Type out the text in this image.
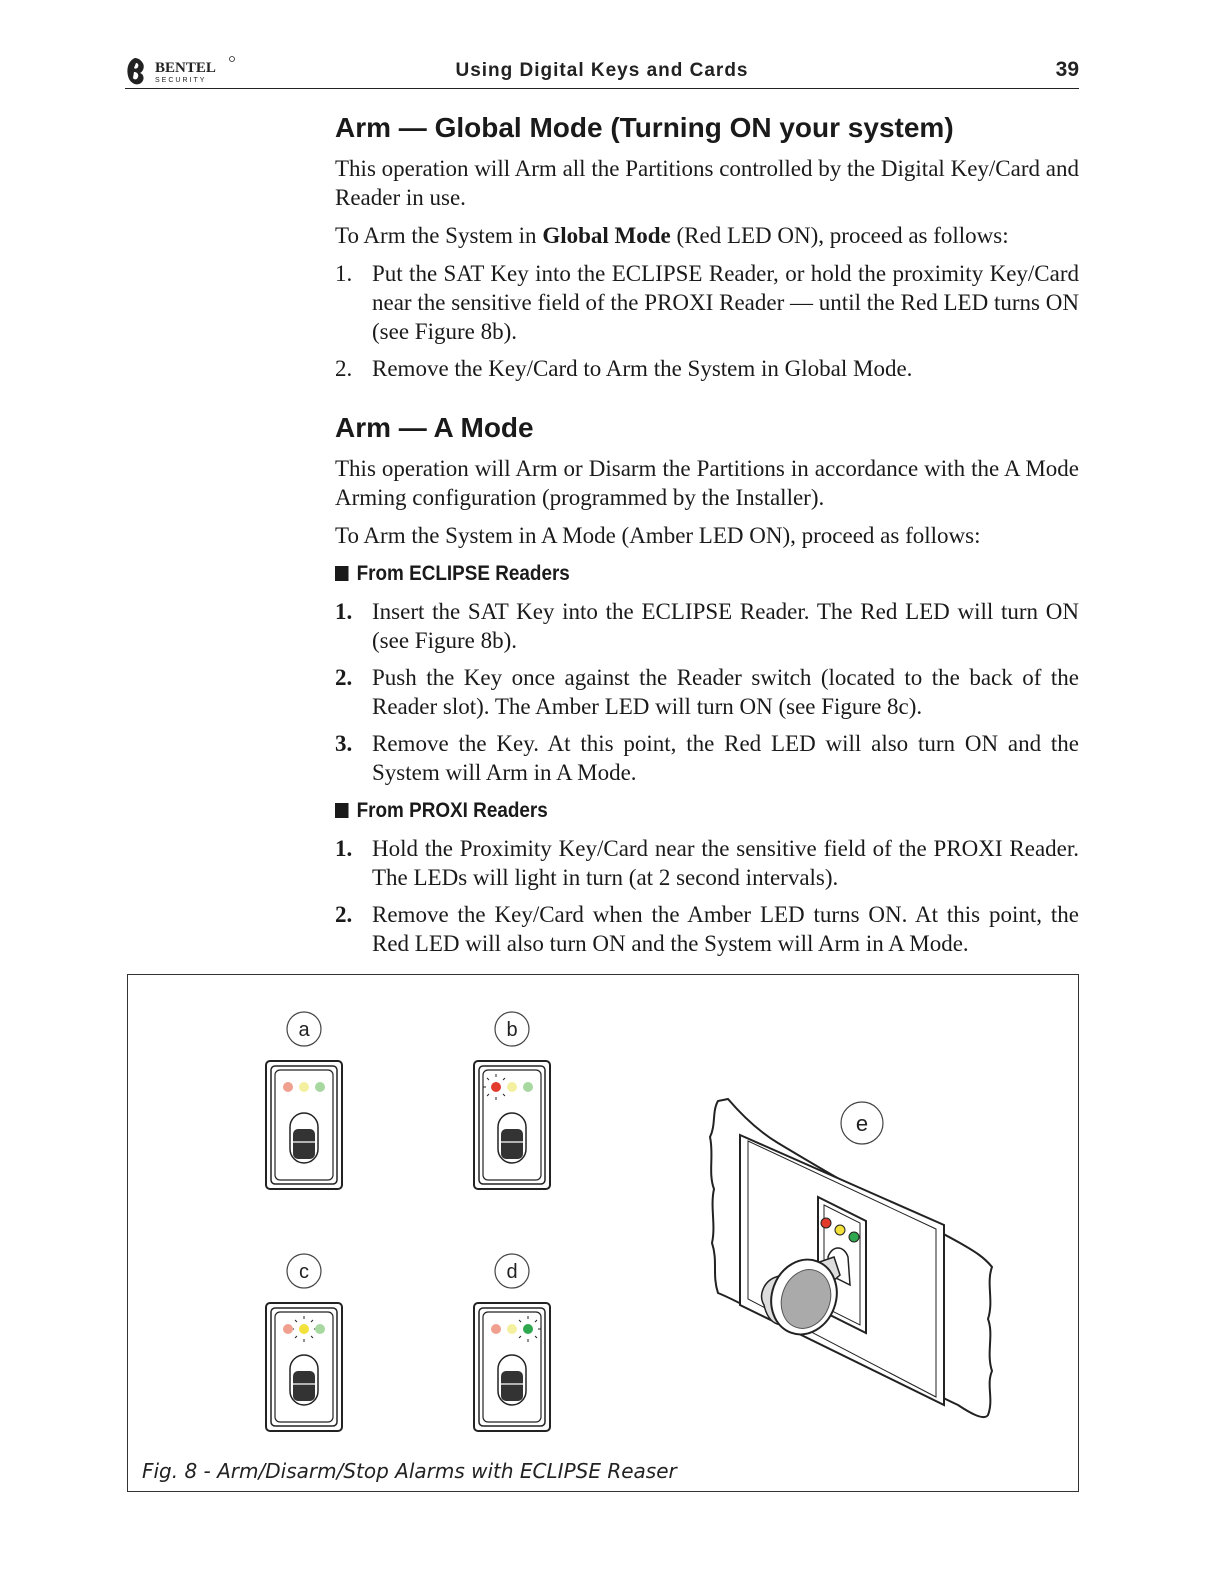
BENTEL
SECURITY	Using Digital Keys and Cards	39
Arm — Global Mode (Turning ON your system)

This operation will Arm all the Partitions controlled by the Digital Key/Card and Reader in use.

To Arm the System in Global Mode (Red LED ON), proceed as follows:

1. Put the SAT Key into the ECLIPSE Reader, or hold the proximity Key/Card near the sensitive field of the PROXI Reader — until the Red LED turns ON (see Figure 8b).
2. Remove the Key/Card to Arm the System in Global Mode.
Arm — A Mode

This operation will Arm or Disarm the Partitions in accordance with the A Mode Arming configuration (programmed by the Installer).

To Arm the System in A Mode (Amber LED ON), proceed as follows:

From ECLIPSE Readers
1. Insert the SAT Key into the ECLIPSE Reader. The Red LED will turn ON (see Figure 8b).
2. Push the Key once against the Reader switch (located to the back of the Reader slot). The Amber LED will turn ON (see Figure 8c).
3. Remove the Key. At this point, the Red LED will also turn ON and the System will Arm in A Mode.
From PROXI Readers
1. Hold the Proximity Key/Card near the sensitive field of the PROXI Reader. The LEDs will light in turn (at 2 second intervals).
2. Remove the Key/Card when the Amber LED turns ON. At this point, the Red LED will also turn ON and the System will Arm in A Mode.
a	b
c	d
e
Fig. 8 - Arm/Disarm/Stop Alarms with ECLIPSE Reaser
